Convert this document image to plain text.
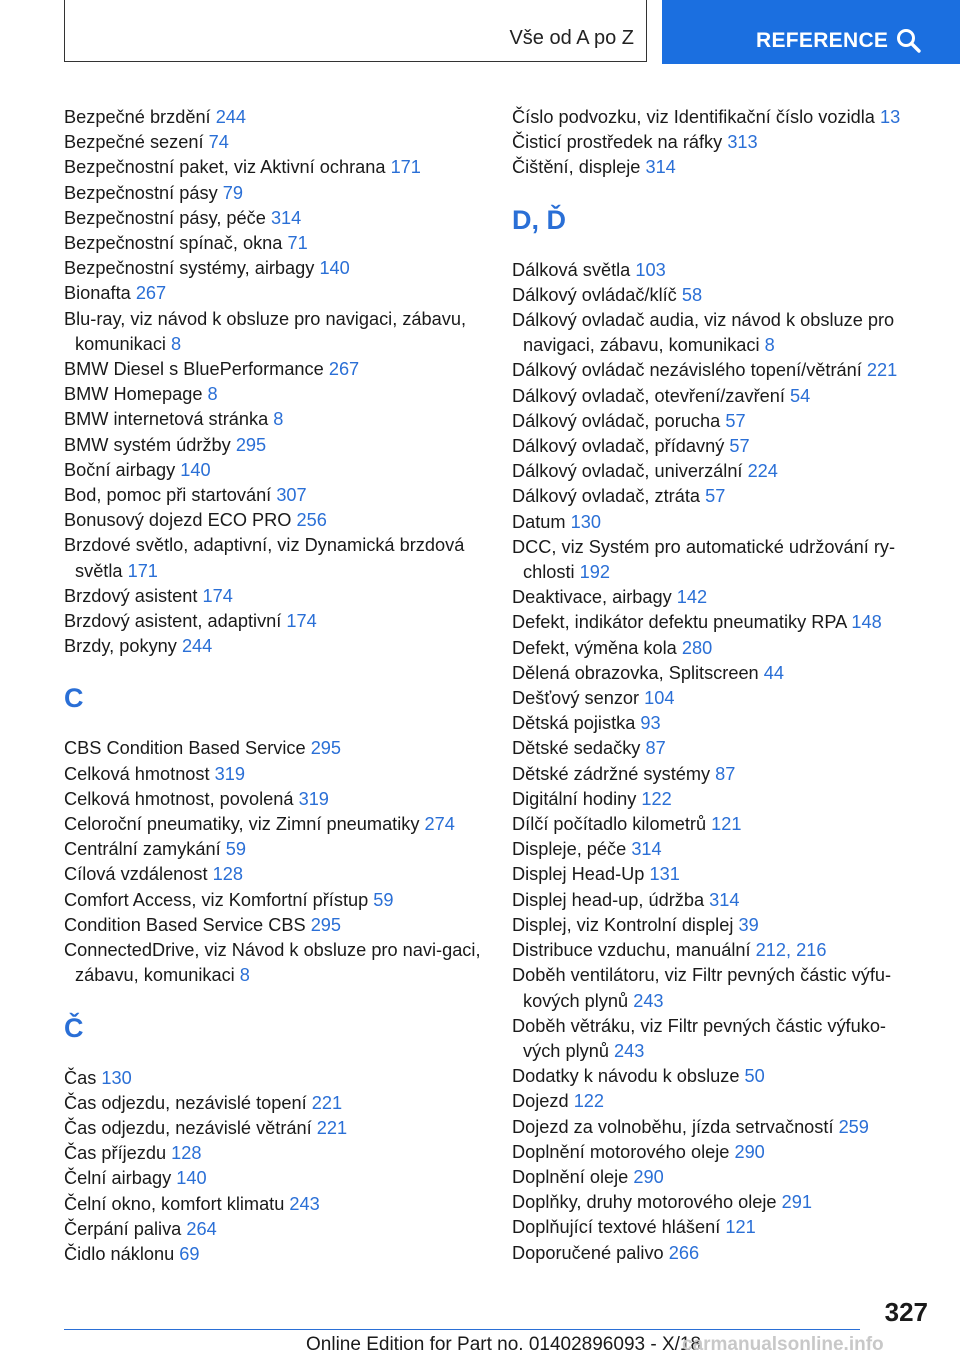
Vše od A po Z	REFERENCE
Bezpečné brzdění 244
Bezpečné sezení 74
Bezpečnostní paket, viz Aktivní ochrana 171
Bezpečnostní pásy 79
Bezpečnostní pásy, péče 314
Bezpečnostní spínač, okna 71
Bezpečnostní systémy, airbagy 140
Bionafta 267
Blu-ray, viz návod k obsluze pro navigaci, zábavu, komunikaci 8
BMW Diesel s BluePerformance 267
BMW Homepage 8
BMW internetová stránka 8
BMW systém údržby 295
Boční airbagy 140
Bod, pomoc při startování 307
Bonusový dojezd ECO PRO 256
Brzdové světlo, adaptivní, viz Dynamická brzdová světla 171
Brzdový asistent 174
Brzdový asistent, adaptivní 174
Brzdy, pokyny 244
C
CBS Condition Based Service 295
Celková hmotnost 319
Celková hmotnost, povolená 319
Celoroční pneumatiky, viz Zimní pneumatiky 274
Centrální zamykání 59
Cílová vzdálenost 128
Comfort Access, viz Komfortní přístup 59
Condition Based Service CBS 295
ConnectedDrive, viz Návod k obsluze pro navi-gaci, zábavu, komunikaci 8
Č
Čas 130
Čas odjezdu, nezávislé topení 221
Čas odjezdu, nezávislé větrání 221
Čas příjezdu 128
Čelní airbagy 140
Čelní okno, komfort klimatu 243
Čerpání paliva 264
Čidlo náklonu 69
Číslo podvozku, viz Identifikační číslo vozidla 13
Čisticí prostředek na ráfky 313
Čištění, displeje 314
D, Ď
Dálková světla 103
Dálkový ovládač/klíč 58
Dálkový ovladač audia, viz návod k obsluze pro navigaci, zábavu, komunikaci 8
Dálkový ovládač nezávislého topení/větrání 221
Dálkový ovladač, otevření/zavření 54
Dálkový ovládač, porucha 57
Dálkový ovladač, přídavný 57
Dálkový ovladač, univerzální 224
Dálkový ovladač, ztráta 57
Datum 130
DCC, viz Systém pro automatické udržování ry-chlosti 192
Deaktivace, airbagy 142
Defekt, indikátor defektu pneumatiky RPA 148
Defekt, výměna kola 280
Dělená obrazovka, Splitscreen 44
Dešťový senzor 104
Dětská pojistka 93
Dětské sedačky 87
Dětské zádržné systémy 87
Digitální hodiny 122
Dílčí počítadlo kilometrů 121
Displeje, péče 314
Displej Head-Up 131
Displej head-up, údržba 314
Displej, viz Kontrolní displej 39
Distribuce vzduchu, manuální 212, 216
Doběh ventilátoru, viz Filtr pevných částic výfu-kových plynů 243
Doběh větráku, viz Filtr pevných částic výfuko-vých plynů 243
Dodatky k návodu k obsluze 50
Dojezd 122
Dojezd za volnoběhu, jízda setrvačností 259
Doplnění motorového oleje 290
Doplnění oleje 290
Doplňky, druhy motorového oleje 291
Doplňující textové hlášení 121
Doporučené palivo 266
327
Online Edition for Part no. 01402896093 - X/18
carmanualsonline.info
